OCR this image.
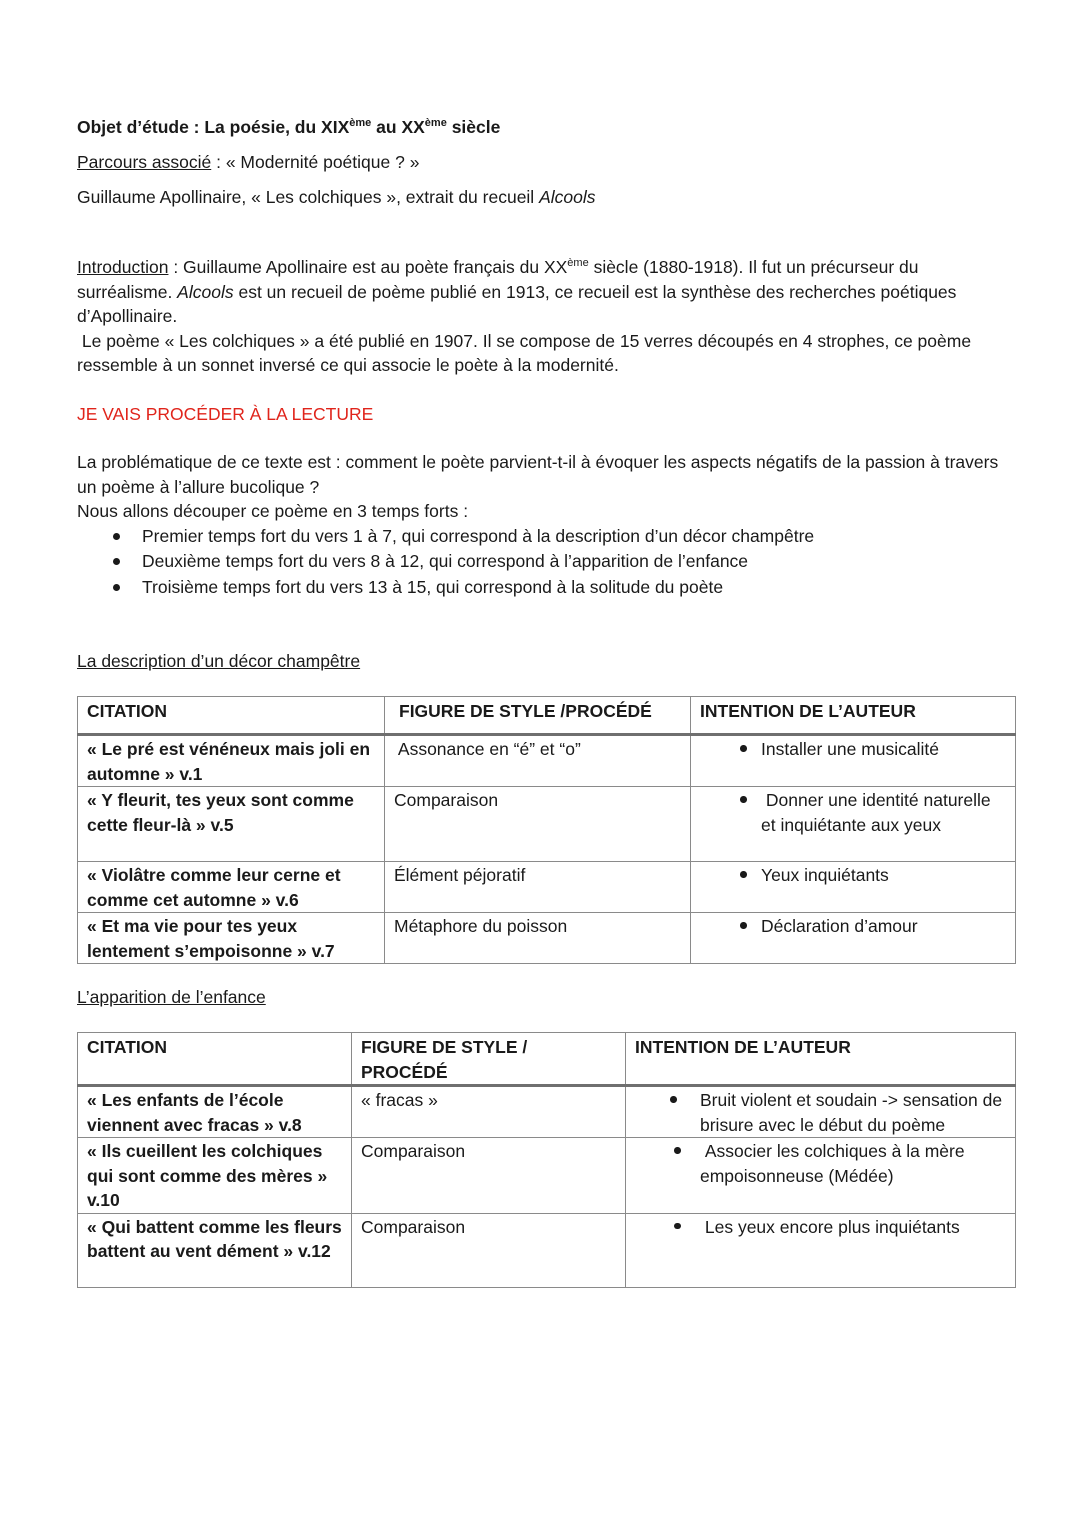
Objet d’étude : La poésie, du XIXème au XXème siècle

Parcours associé : « Modernité poétique ? »

Guillaume Apollinaire, « Les colchiques », extrait du recueil Alcools

Introduction : Guillaume Apollinaire est au poète français du XXème siècle (1880-1918). Il fut un précurseur du surréalisme. Alcools est un recueil de poème publié en 1913, ce recueil est la synthèse des recherches poétiques d’Apollinaire.
Le poème « Les colchiques » a été publié en 1907. Il se compose de 15 verres découpés en 4 strophes, ce poème ressemble à un sonnet inversé ce qui associe le poète à la modernité.

JE VAIS PROCÉDER À LA LECTURE

La problématique de ce texte est : comment le poète parvient-t-il à évoquer les aspects négatifs de la passion à travers un poème à l’allure bucolique ?
Nous allons découper ce poème en 3 temps forts :
Premier temps fort du vers 1 à 7, qui correspond à la description d’un décor champêtre
Deuxième temps fort du vers 8 à 12, qui correspond à l’apparition de l’enfance
Troisième temps fort du vers 13 à 15, qui correspond à la solitude du poète

La description d’un décor champêtre

CITATION	FIGURE DE STYLE /PROCÉDÉ	INTENTION DE L’AUTEUR
« Le pré est vénéneux mais joli en automne » v.1	Assonance en “é” et “o”	Installer une musicalité
« Y fleurit, tes yeux sont comme cette fleur-là » v.5	Comparaison	Donner une identité naturelle et inquiétante aux yeux
« Violâtre comme leur cerne et comme cet automne » v.6	Élément péjoratif	Yeux inquiétants
« Et ma vie pour tes yeux lentement s’empoisonne » v.7	Métaphore du poisson	Déclaration d’amour

L’apparition de l’enfance

CITATION	FIGURE DE STYLE / PROCÉDÉ	INTENTION DE L’AUTEUR
« Les enfants de l’école viennent avec fracas » v.8	« fracas »	Bruit violent et soudain -> sensation de brisure avec le début du poème
« Ils cueillent les colchiques qui sont comme des mères » v.10	Comparaison	Associer les colchiques à la mère empoisonneuse (Médée)
« Qui battent comme les fleurs battent au vent dément » v.12	Comparaison	Les yeux encore plus inquiétants
